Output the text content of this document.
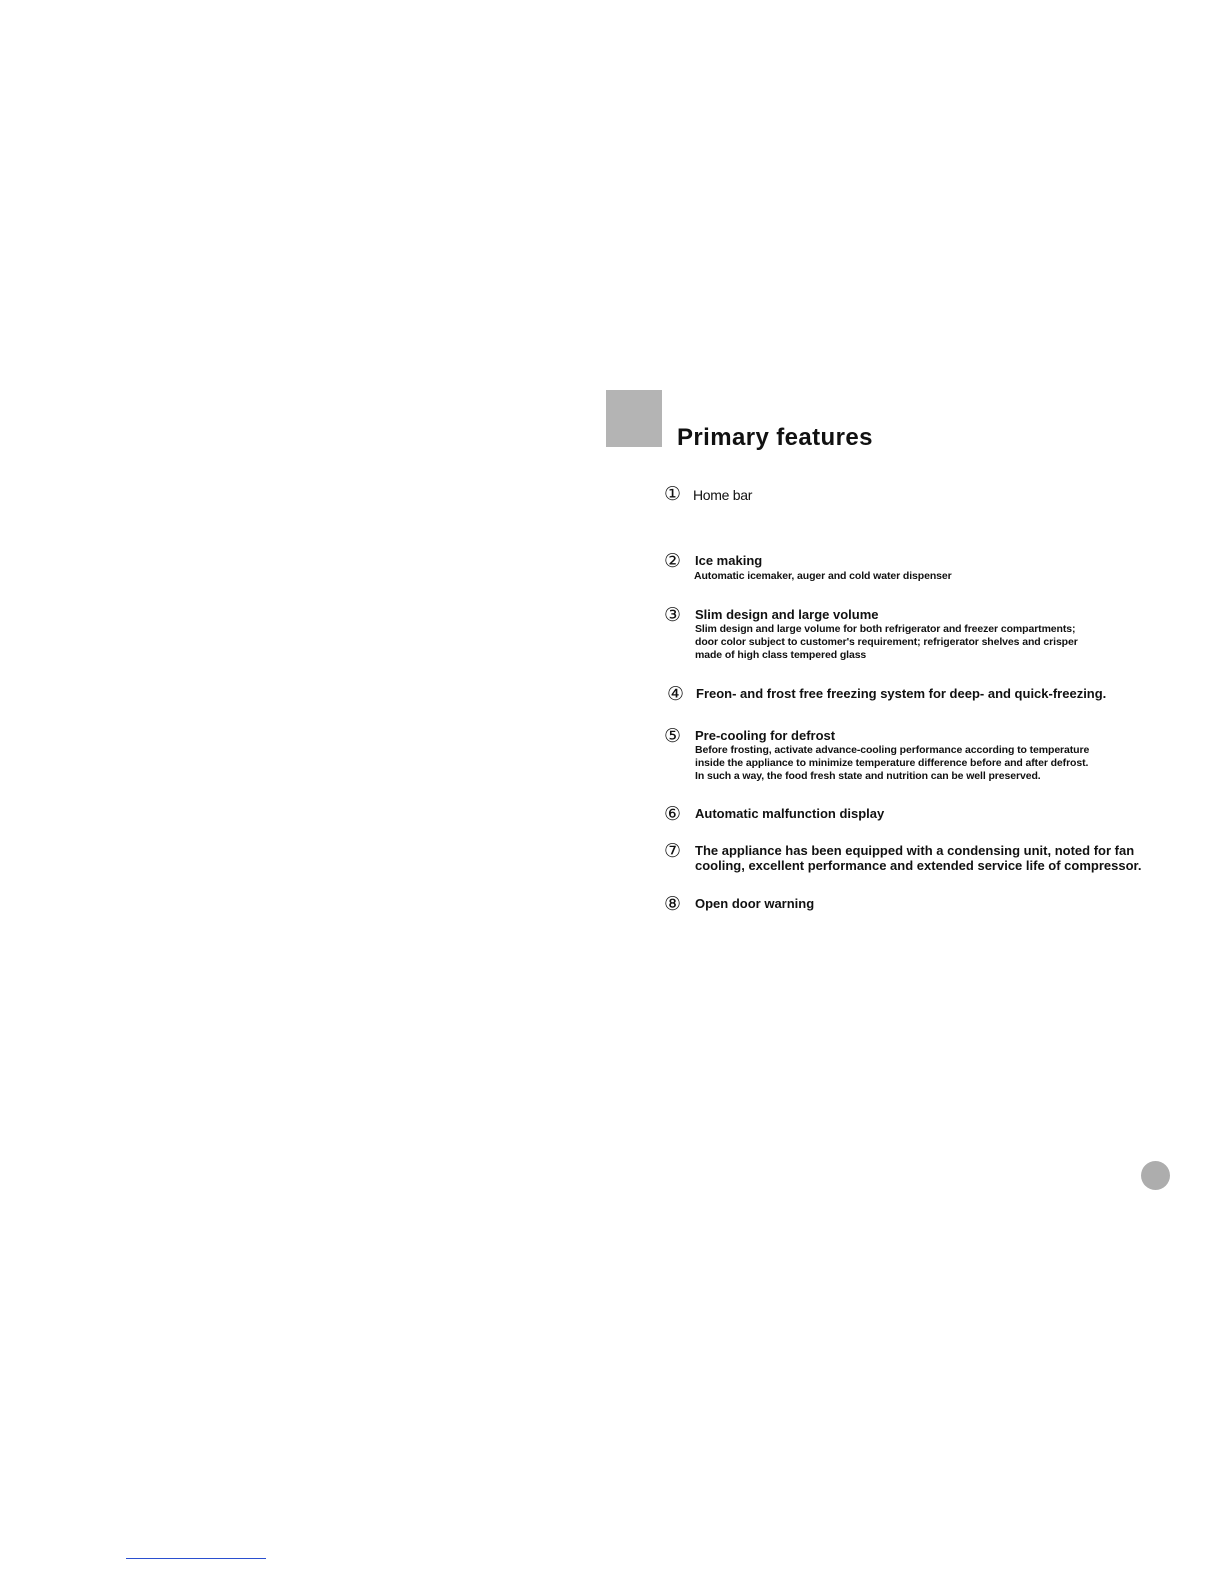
Primary features
① Home bar
②	Ice making
Automatic icemaker, auger and cold water dispenser
③	Slim design and large volume
Slim design and large volume for both refrigerator and freezer compartments;
door color subject to customer's requirement; refrigerator shelves and crisper
made of high class tempered glass
④ Freon- and frost free freezing system for deep- and quick-freezing.
⑤	Pre-cooling for defrost
Before frosting, activate advance-cooling performance according to temperature
inside the appliance to minimize temperature difference before and after defrost.
In such a way, the food fresh state and nutrition can be well preserved.
⑥	Automatic malfunction display
⑦	The appliance has been equipped with a condensing unit, noted for fan
cooling, excellent performance and extended service life of compressor.
⑧	Open door warning
